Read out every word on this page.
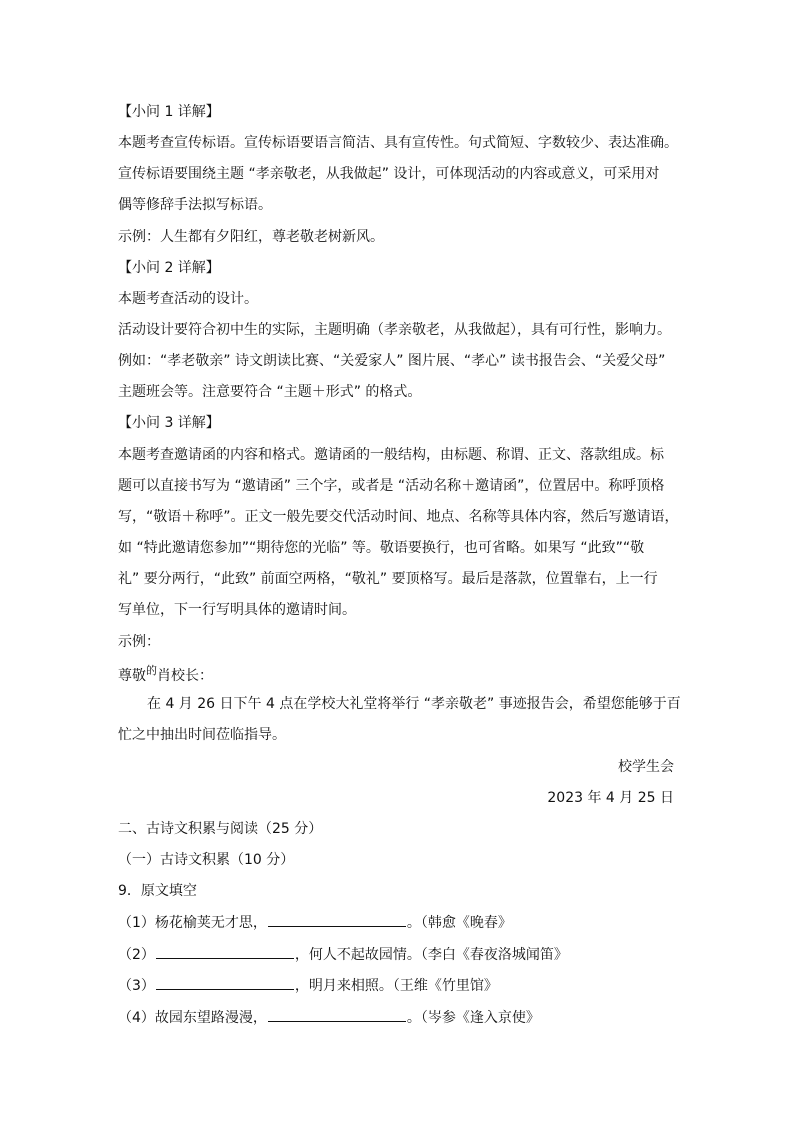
【小问 1 详解】
本题考查宣传标语。宣传标语要语言简洁、具有宣传性。句式简短、字数较少、表达准确。
宣传标语要围绕主题 “孝亲敬老，从我做起” 设计，可体现活动的内容或意义，可采用对
偶等修辞手法拟写标语。
示例：人生都有夕阳红，尊老敬老树新风。
【小问 2 详解】
本题考查活动的设计。
活动设计要符合初中生的实际，主题明确（孝亲敬老，从我做起），具有可行性，影响力。
例如：“孝老敬亲” 诗文朗读比赛、“关爱家人” 图片展、“孝心” 读书报告会、“关爱父母”
主题班会等。注意要符合 “主题＋形式” 的格式。
【小问 3 详解】
本题考查邀请函的内容和格式。邀请函的一般结构，由标题、称谓、正文、落款组成。标
题可以直接书写为 “邀请函” 三个字，或者是 “活动名称＋邀请函”，位置居中。称呼顶格
写，“敬语＋称呼”。正文一般先要交代活动时间、地点、名称等具体内容，然后写邀请语，
如 “特此邀请您参加”“期待您的光临” 等。敬语要换行，也可省略。如果写 “此致”“敬
礼” 要分两行，“此致” 前面空两格，“敬礼” 要顶格写。最后是落款，位置靠右，上一行
写单位，下一行写明具体的邀请时间。
示例：
尊敬$^的$肖校长：
在 4 月 26 日下午 4 点在学校大礼堂将举行 “孝亲敬老” 事迹报告会，希望您能够于百
忙之中抽出时间莅临指导。
校学生会
2023 年 4 月 25 日
二、古诗文积累与阅读（25 分）
（一）古诗文积累（10 分）
9．原文填空
（1）杨花榆荚无才思，	。（韩愈《晚春》
（2）	，何人不起故园情。（李白《春夜洛城闻笛》
（3）	，明月来相照。（王维《竹里馆》
（4）故园东望路漫漫，	。（岑参《逢入京使》
